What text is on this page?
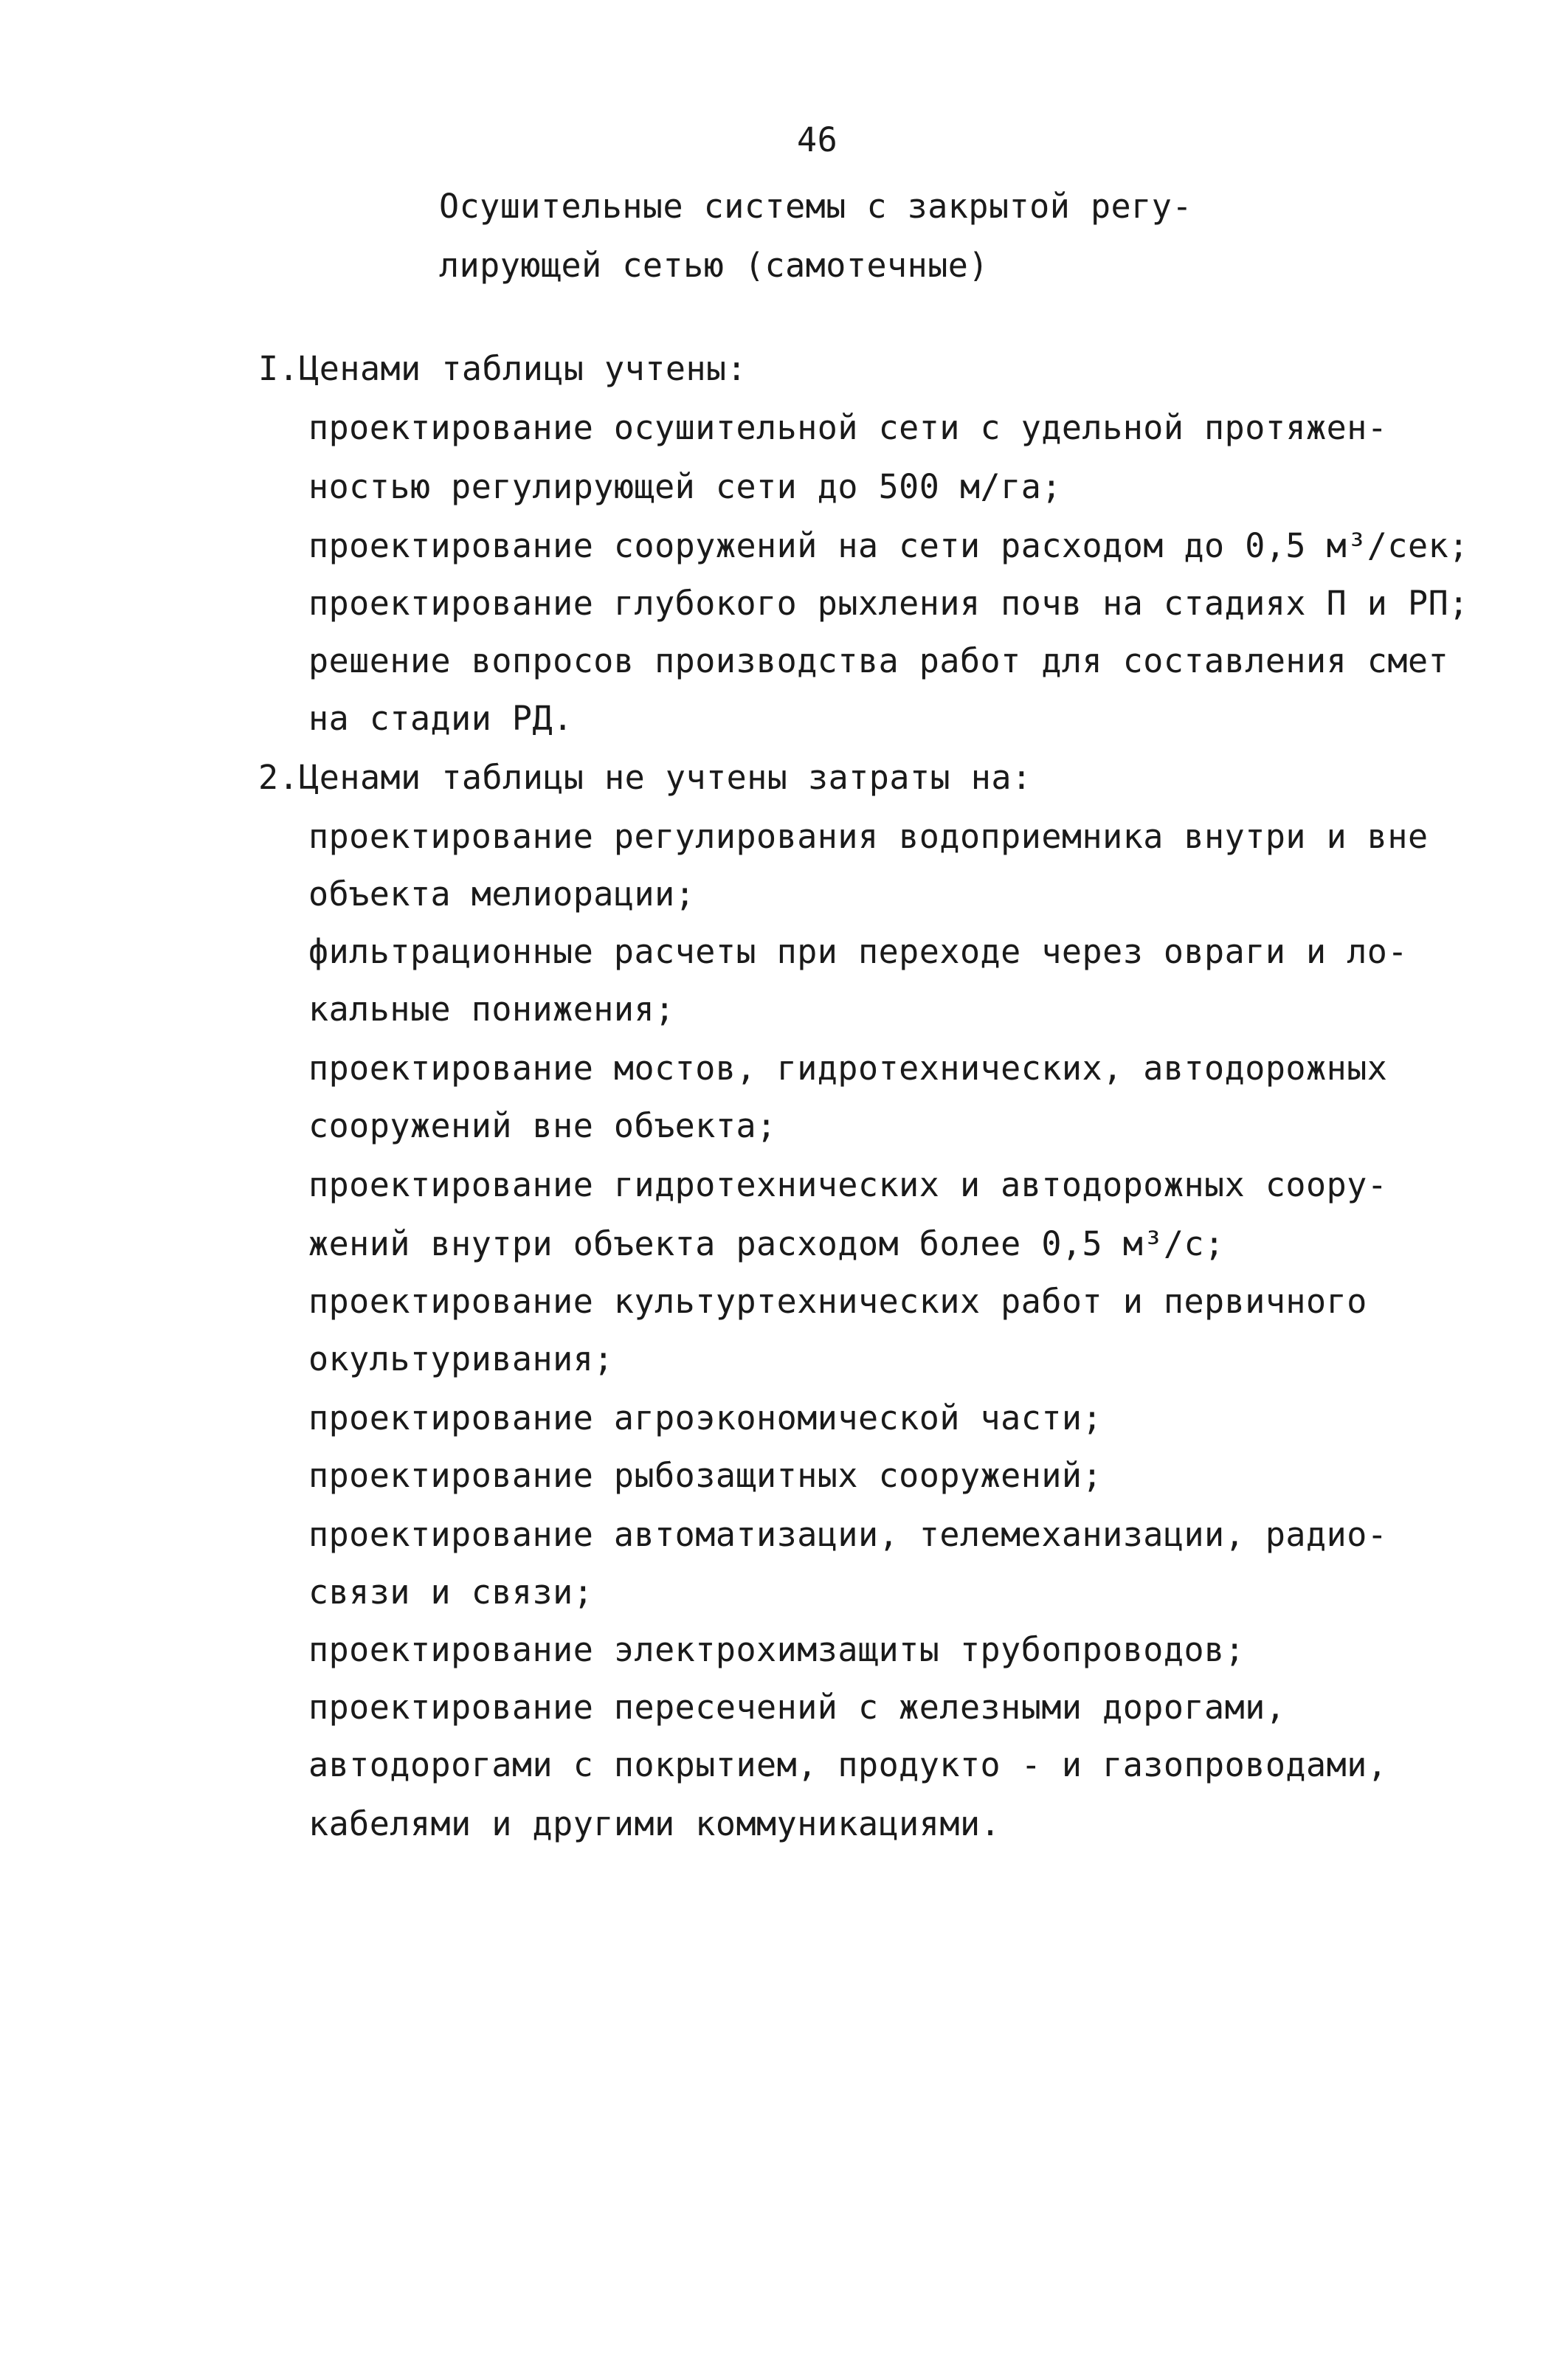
46
Осушительные системы с закрытой регу-
лирующей сетью (самотечные)
I.Ценами таблицы учтены:
проектирование осушительной сети с удельной протяжен-
ностью регулирующей сети до 500 м/га;
проектирование сооружений на сети расходом до 0,5 м³/сек;
проектирование глубокого рыхления почв на стадиях П и РП;
решение вопросов производства работ для составления смет
на стадии РД.
2.Ценами таблицы не учтены затраты на:
проектирование регулирования водоприемника внутри и вне
объекта мелиорации;
фильтрационные расчеты при переходе через овраги и ло-
кальные понижения;
проектирование мостов, гидротехнических, автодорожных
сооружений вне объекта;
проектирование гидротехнических и автодорожных соору-
жений внутри объекта расходом более 0,5 м³/с;
проектирование культуртехнических работ и первичного
окультуривания;
проектирование агроэкономической части;
проектирование рыбозащитных сооружений;
проектирование автоматизации, телемеханизации, радио-
связи и связи;
проектирование электрохимзащиты трубопроводов;
проектирование пересечений с железными дорогами,
автодорогами с покрытием, продукто - и газопроводами,
кабелями и другими коммуникациями.
